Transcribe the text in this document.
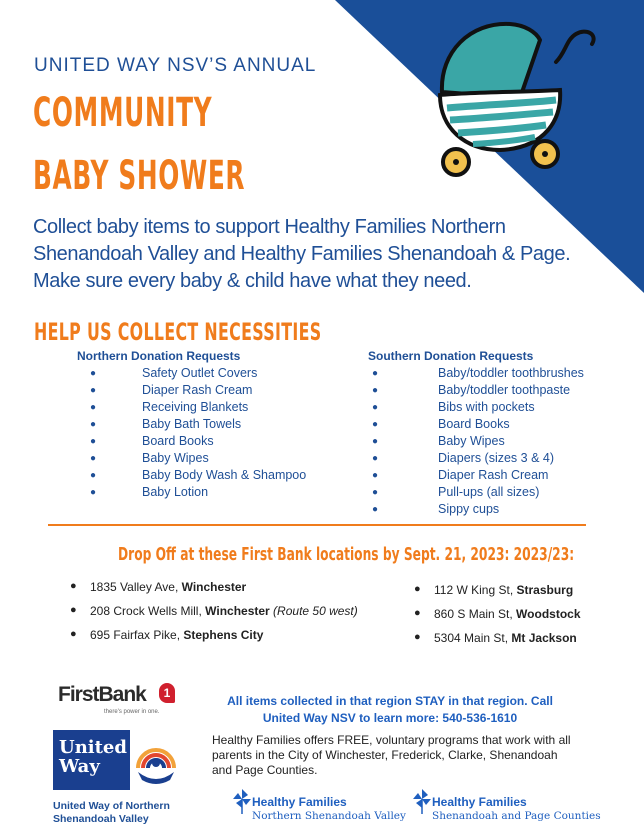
UNITED WAY NSV’S ANNUAL
COMMUNITY
BABY SHOWER
Collect baby items to support Healthy Families Northern Shenandoah Valley and Healthy Families Shenandoah & Page. Make sure every baby & child have what they need.
HELP US COLLECT NECESSITIES
Northern Donation Requests
●	Safety Outlet Covers
●	Diaper Rash Cream
●	Receiving Blankets
●	Baby Bath Towels
●	Board Books
●	Baby Wipes
●	Baby Body Wash & Shampoo
●	Baby Lotion
Southern Donation Requests
●	Baby/toddler toothbrushes
●	Baby/toddler toothpaste
●	Bibs with pockets
●	Board Books
●	Baby Wipes
●	Diapers (sizes 3 & 4)
●	Diaper Rash Cream
●	Pull-ups (all sizes)
●	Sippy cups
Drop Off at these First Bank locations by Sept. 21, 2023: 2023/23:
● 1835 Valley Ave, Winchester
● 208 Crock Wells Mill, Winchester (Route 50 west)
● 695 Fairfax Pike, Stephens City
● 112 W King St, Strasburg
● 860 S Main St, Woodstock
● 5304 Main St, Mt Jackson
FirstBank	1
there's power in one.
United
Way
United Way of Northern
Shenandoah Valley
All items collected in that region STAY in that region. Call
United Way NSV to learn more: 540-536-1610
Healthy Families offers FREE, voluntary programs that work with all parents in the City of Winchester, Frederick, Clarke, Shenandoah and Page Counties.
Healthy Families
Northern Shenandoah Valley
Healthy Families
Shenandoah and Page Counties
